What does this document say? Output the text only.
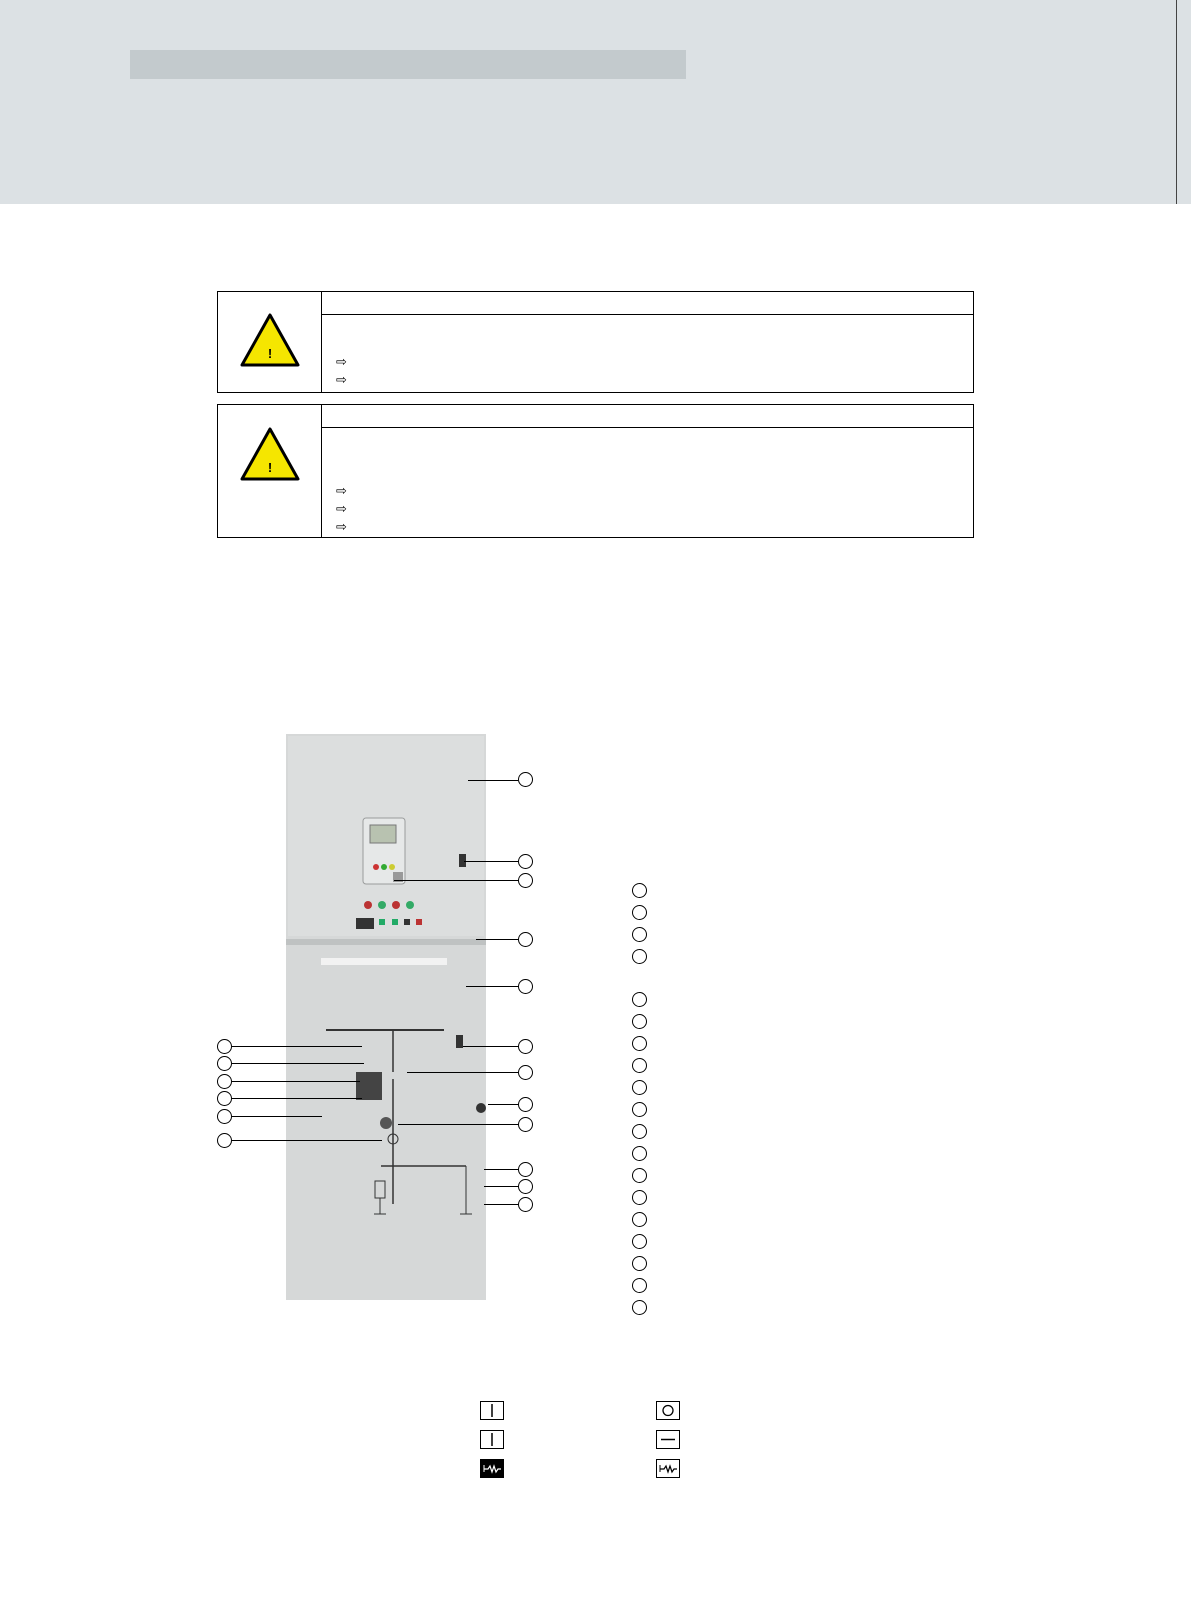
!
⇨
⇨
!
⇨
⇨
⇨
